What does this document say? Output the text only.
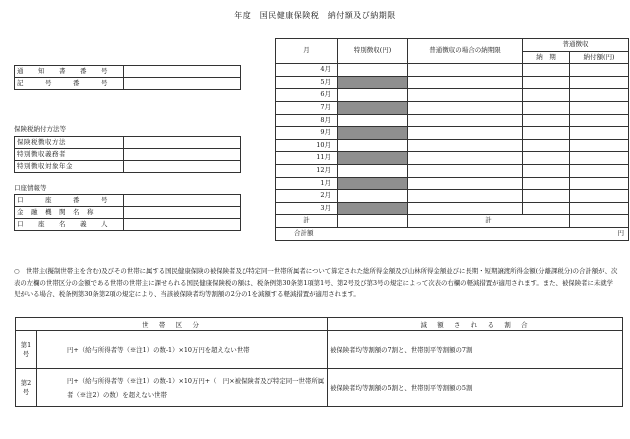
年度　国民健康保険税　納付額及び納期限
通　　知　　書　　番　　号	
記　　　号　　　番　　　号	
保険税納付方法等
保険税徴収方法	
特別徴収義務者	
特別徴収対象年金	
口座情報等
口　　　座　　　番　　　号	
金　融　機　関　名　称	
口　　座　　名　　義　　人	
月	特別徴収(円)	普通徴収の場合の納期限	普通徴収	
			納　期	納付額(円)
4月				
5月				
6月				
7月				
8月				
9月				
10月				
11月				
12月				
1月				
2月				
3月				
計		計		

合計額 円				

○　世帯主(擬制世帯主を含む)及びその世帯に属する国民健康保険の被保険者及び特定同一世帯所属者について算定された総所得金額及び山林所得金額並びに長期・短期譲渡所得金額(分離課税分)の合計額が、次表の左欄の世帯区分の金額である世帯の世帯主に課せられる国民健康保険税の額は、税条例第30条第1項第1号、第2号及び第3号の規定によって次表の右欄の軽減措置が適用されます。また、被保険者に未就学児がいる場合、税条例第30条第2項の規定により、当該被保険者均等割額の2分の1を減額する軽減措置が適用されます。
世　帯　区　分		減　額　さ　れ　る　割　合
第1号	円+（給与所得者等（※注1）の数-1）×10万円を超えない世帯	被保険者均等割額の7割と、世帯別平等割額の7割
第2号	円+（給与所得者等（※注1）の数-1）×10万円+（　円×被保険者及び特定同一世帯所属者（※注2）の数）を超えない世帯	被保険者均等割額の5割と、世帯別平等割額の5割
